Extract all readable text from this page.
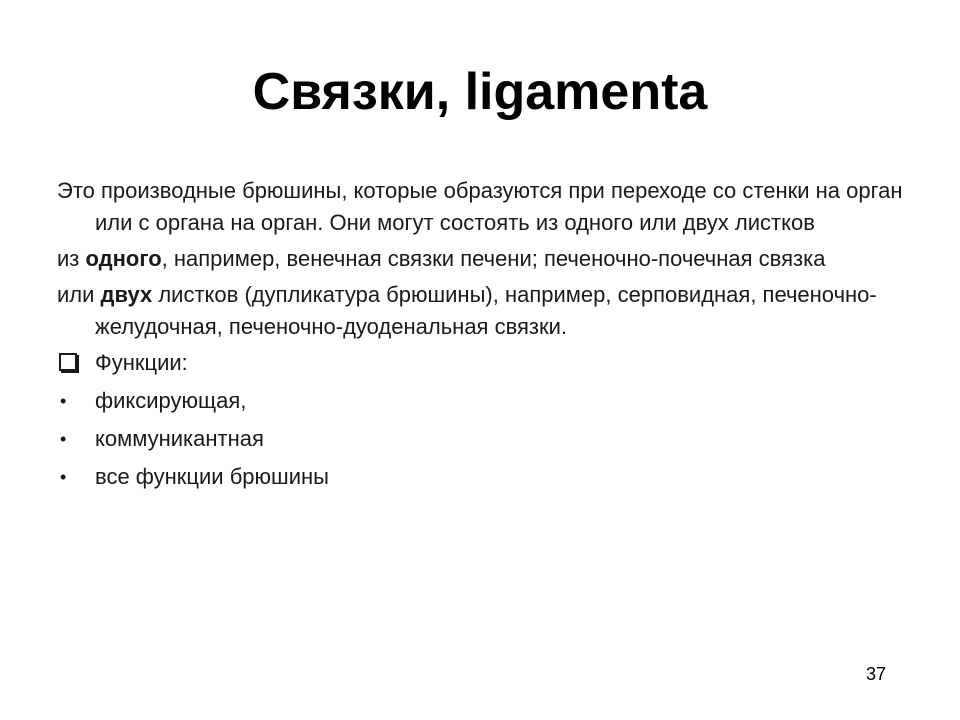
Связки, ligamenta

Это производные брюшины, которые образуются при переходе со стенки на орган или с органа на орган. Они могут состоять из одного или двух листков

из одного, например, венечная связки печени; печеночно-почечная связка

или двух листков (дупликатура брюшины), например, серповидная, печеночно-желудочная, печеночно-дуоденальная связки.

Функции:
• фиксирующая,
• коммуникантная
• все функции брюшины
37
